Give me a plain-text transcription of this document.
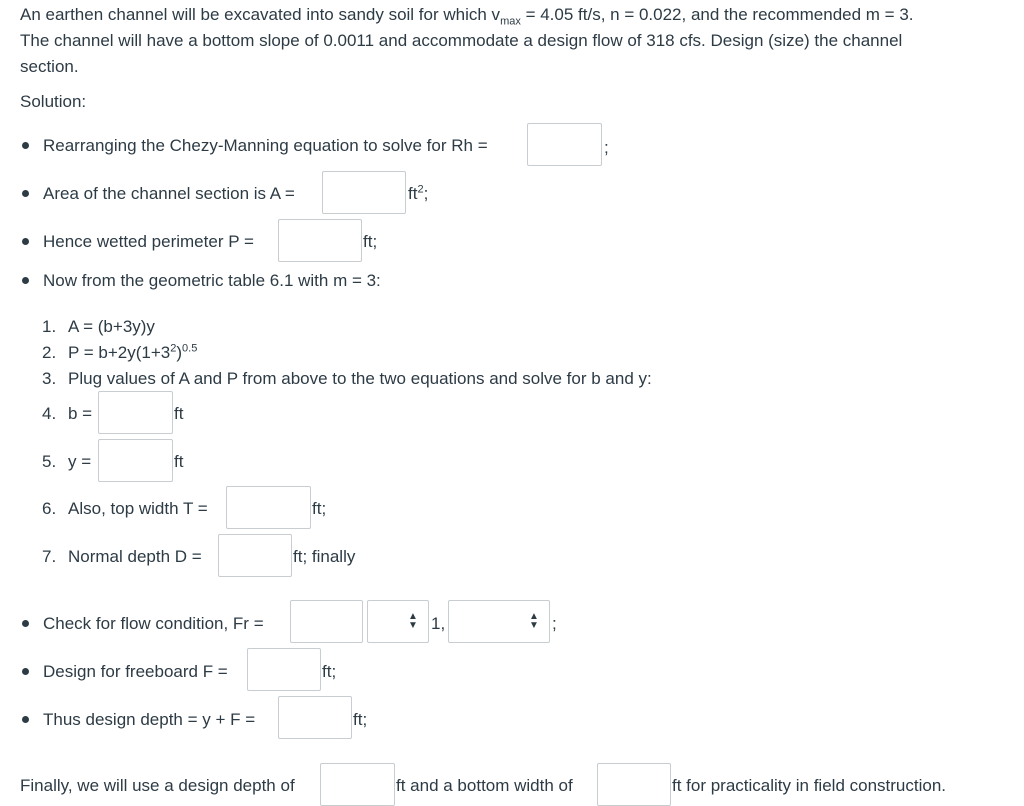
An earthen channel will be excavated into sandy soil for which $v_{max} = 4.05$ ft/s, n = 0.022, and the recommended m = 3.
The channel will have a bottom slope of 0.0011 and accommodate a design flow of 318 cfs. Design (size) the channel
section.
Solution:
Rearranging the Chezy-Manning equation to solve for Rh =	;
Area of the channel section is A =	$ft^2$;
Hence wetted perimeter P =	ft;
Now from the geometric table 6.1 with m = 3:
1. A = (b+3y)y
2. $P = b+2y(1+3^2)^{0.5}$
3. Plug values of A and P from above to the two equations and solve for b and y:
4. b =	ft
5. y =	ft
6. Also, top width T =	ft;
7. Normal depth D =	ft; finally
Check for flow condition, Fr =	▲
▼ 1,	▲
▼ ;
Design for freeboard F =	ft;
Thus design depth = y + F =	ft;
Finally, we will use a design depth of	ft and a bottom width of	ft for practicality in field construction.
